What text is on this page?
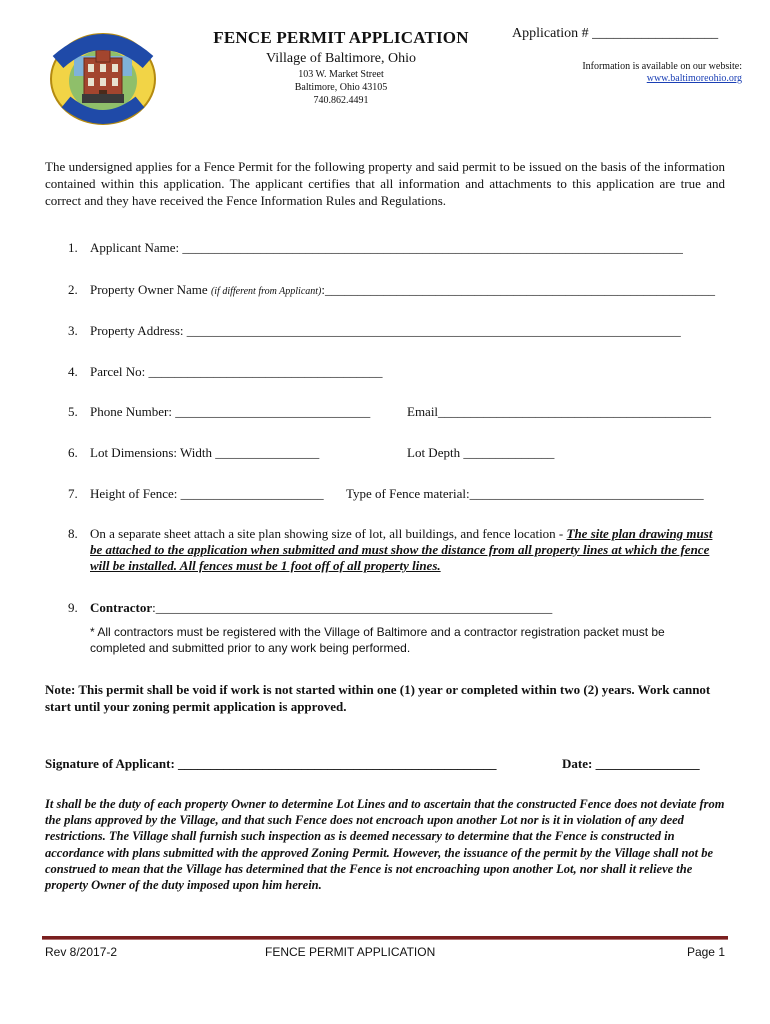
FENCE PERMIT APPLICATION
Village of Baltimore, Ohio
103 W. Market Street
Baltimore, Ohio 43105
740.862.4491
Application # __________________
Information is available on our website:
www.baltimoreohio.org
The undersigned applies for a Fence Permit for the following property and said permit to be issued on the basis of the information contained within this application. The applicant certifies that all information and attachments to this application are true and correct and they have received the Fence Information Rules and Regulations.
1. Applicant Name: _____________________________________________________________________________
2. Property Owner Name (if different from Applicant):____________________________________________________________
3. Property Address: ____________________________________________________________________________
4. Parcel No: ____________________________________
5. Phone Number: ______________________________	Email__________________________________________
6. Lot Dimensions: Width ________________	Lot Depth ______________
7. Height of Fence: ______________________ Type of Fence material:____________________________________
8. On a separate sheet attach a site plan showing size of lot, all buildings, and fence location - The site plan drawing must be attached to the application when submitted and must show the distance from all property lines at which the fence will be installed. All fences must be 1 foot off of all property lines.
9. Contractor:_____________________________________________________________
* All contractors must be registered with the Village of Baltimore and a contractor registration packet must be completed and submitted prior to any work being performed.
Note: This permit shall be void if work is not started within one (1) year or completed within two (2) years. Work cannot start until your zoning permit application is approved.
Signature of Applicant: _________________________________________________	Date: ________________
It shall be the duty of each property Owner to determine Lot Lines and to ascertain that the constructed Fence does not deviate from the plans approved by the Village, and that such Fence does not encroach upon another Lot nor is it in violation of any deed restrictions. The Village shall furnish such inspection as is deemed necessary to determine that the Fence is constructed in accordance with plans submitted with the approved Zoning Permit. However, the issuance of the permit by the Village shall not be construed to mean that the Village has determined that the Fence is not encroaching upon another Lot, nor shall it relieve the property Owner of the duty imposed upon him herein.
Rev 8/2017-2	FENCE PERMIT APPLICATION	Page 1
